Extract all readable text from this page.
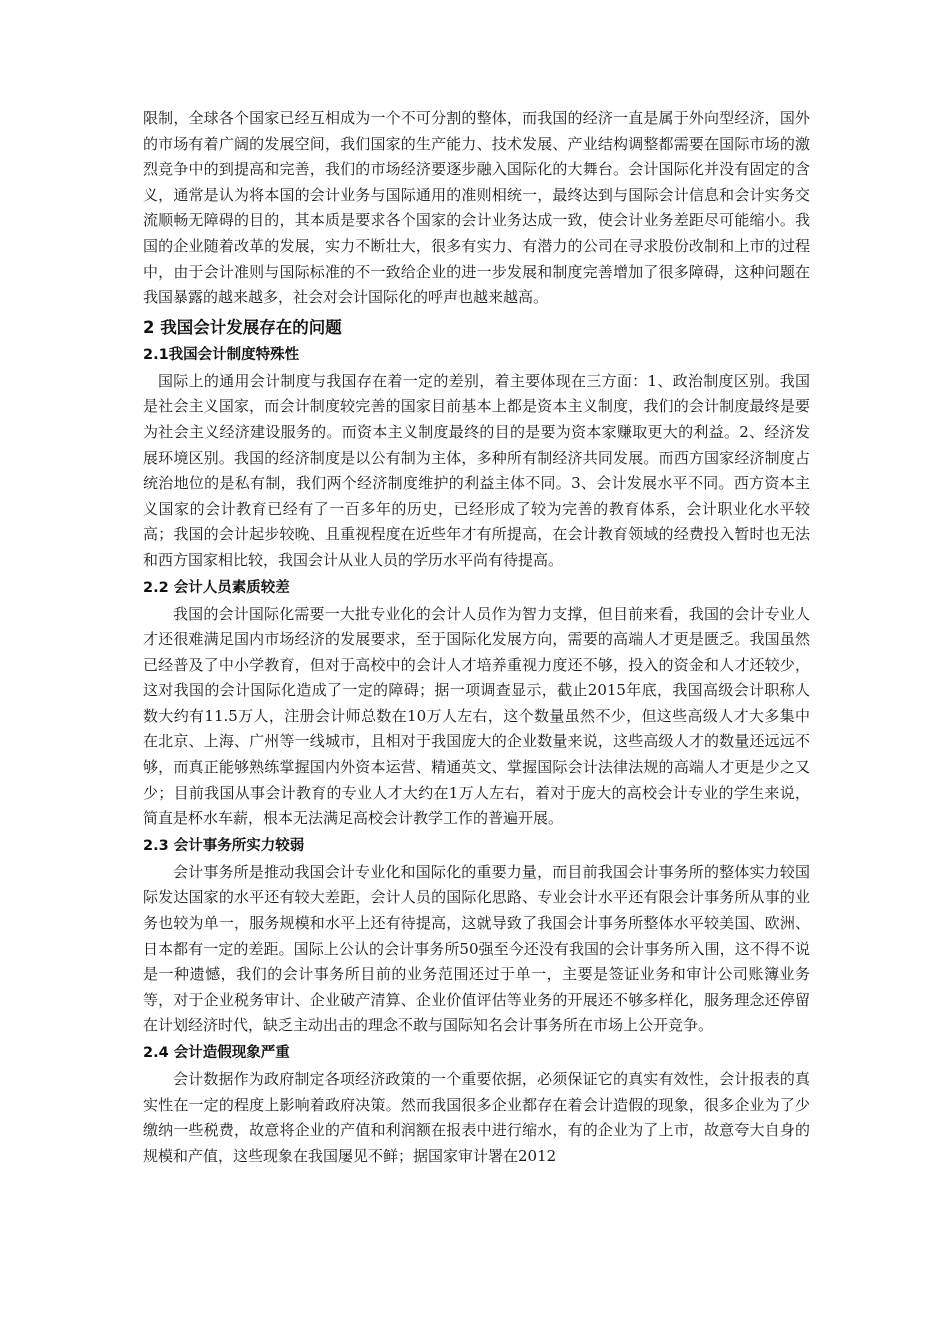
限制，全球各个国家已经互相成为一个不可分割的整体，而我国的经济一直是属于外向型经济，国外的市场有着广阔的发展空间，我们国家的生产能力、技术发展、产业结构调整都需要在国际市场的激烈竞争中的到提高和完善，我们的市场经济要逐步融入国际化的大舞台。会计国际化并没有固定的含义，通常是认为将本国的会计业务与国际通用的准则相统一，最终达到与国际会计信息和会计实务交流顺畅无障碍的目的，其本质是要求各个国家的会计业务达成一致，使会计业务差距尽可能缩小。我国的企业随着改革的发展，实力不断壮大，很多有实力、有潜力的公司在寻求股份改制和上市的过程中，由于会计准则与国际标准的不一致给企业的进一步发展和制度完善增加了很多障碍，这种问题在我国暴露的越来越多，社会对会计国际化的呼声也越来越高。

2 我国会计发展存在的问题
2.1我国会计制度特殊性

国际上的通用会计制度与我国存在着一定的差别，着主要体现在三方面：1、政治制度区别。我国是社会主义国家，而会计制度较完善的国家目前基本上都是资本主义制度，我们的会计制度最终是要为社会主义经济建设服务的。而资本主义制度最终的目的是要为资本家赚取更大的利益。2、经济发展环境区别。我国的经济制度是以公有制为主体，多种所有制经济共同发展。而西方国家经济制度占统治地位的是私有制，我们两个经济制度维护的利益主体不同。3、会计发展水平不同。西方资本主义国家的会计教育已经有了一百多年的历史，已经形成了较为完善的教育体系，会计职业化水平较高；我国的会计起步较晚、且重视程度在近些年才有所提高，在会计教育领域的经费投入暂时也无法和西方国家相比较，我国会计从业人员的学历水平尚有待提高。

2.2 会计人员素质较差

我国的会计国际化需要一大批专业化的会计人员作为智力支撑，但目前来看，我国的会计专业人才还很难满足国内市场经济的发展要求，至于国际化发展方向，需要的高端人才更是匮乏。我国虽然已经普及了中小学教育，但对于高校中的会计人才培养重视力度还不够，投入的资金和人才还较少，这对我国的会计国际化造成了一定的障碍；据一项调查显示，截止2015年底，我国高级会计职称人数大约有11.5万人，注册会计师总数在10万人左右，这个数量虽然不少，但这些高级人才大多集中在北京、上海、广州等一线城市，且相对于我国庞大的企业数量来说，这些高级人才的数量还远远不够，而真正能够熟练掌握国内外资本运营、精通英文、掌握国际会计法律法规的高端人才更是少之又少；目前我国从事会计教育的专业人才大约在1万人左右，着对于庞大的高校会计专业的学生来说，简直是杯水车薪，根本无法满足高校会计教学工作的普遍开展。

2.3 会计事务所实力较弱

会计事务所是推动我国会计专业化和国际化的重要力量，而目前我国会计事务所的整体实力较国际发达国家的水平还有较大差距，会计人员的国际化思路、专业会计水平还有限会计事务所从事的业务也较为单一，服务规模和水平上还有待提高，这就导致了我国会计事务所整体水平较美国、欧洲、日本都有一定的差距。国际上公认的会计事务所50强至今还没有我国的会计事务所入围，这不得不说是一种遗憾，我们的会计事务所目前的业务范围还过于单一，主要是签证业务和审计公司账簿业务等，对于企业税务审计、企业破产清算、企业价值评估等业务的开展还不够多样化，服务理念还停留在计划经济时代，缺乏主动出击的理念不敢与国际知名会计事务所在市场上公开竞争。

2.4 会计造假现象严重

会计数据作为政府制定各项经济政策的一个重要依据，必须保证它的真实有效性，会计报表的真实性在一定的程度上影响着政府决策。然而我国很多企业都存在着会计造假的现象，很多企业为了少缴纳一些税费，故意将企业的产值和利润额在报表中进行缩水，有的企业为了上市，故意夸大自身的规模和产值，这些现象在我国屡见不鲜；据国家审计署在2012
